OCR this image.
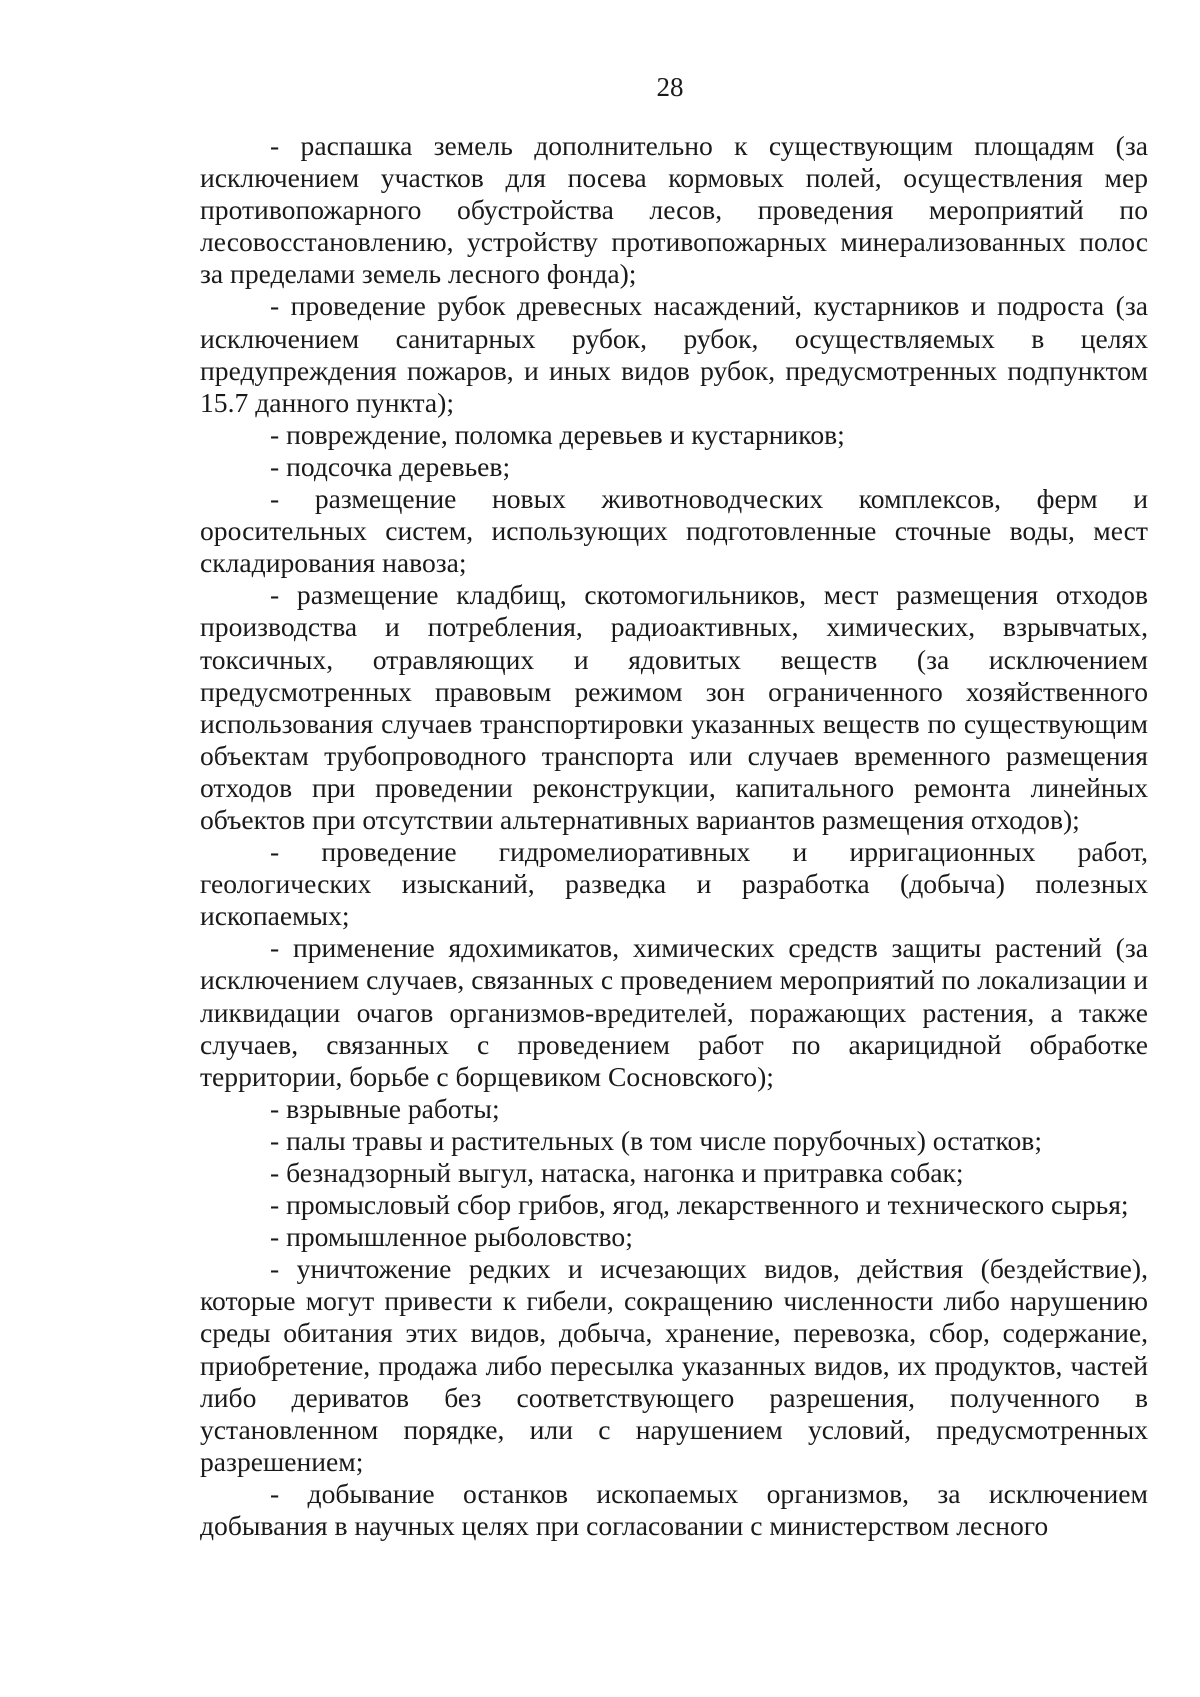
28

- распашка земель дополнительно к существующим площадям (за исключением участков для посева кормовых полей, осуществления мер противопожарного обустройства лесов, проведения мероприятий по лесовосстановлению, устройству противопожарных минерализованных полос за пределами земель лесного фонда);

- проведение рубок древесных насаждений, кустарников и подроста (за исключением санитарных рубок, рубок, осуществляемых в целях предупреждения пожаров, и иных видов рубок, предусмотренных подпунктом 15.7 данного пункта);

- повреждение, поломка деревьев и кустарников;

- подсочка деревьев;

- размещение новых животноводческих комплексов, ферм и оросительных систем, использующих подготовленные сточные воды, мест складирования навоза;

- размещение кладбищ, скотомогильников, мест размещения отходов производства и потребления, радиоактивных, химических, взрывчатых, токсичных, отравляющих и ядовитых веществ (за исключением предусмотренных правовым режимом зон ограниченного хозяйственного использования случаев транспортировки указанных веществ по существующим объектам трубопроводного транспорта или случаев временного размещения отходов при проведении реконструкции, капитального ремонта линейных объектов при отсутствии альтернативных вариантов размещения отходов);

- проведение гидромелиоративных и ирригационных работ, геологических изысканий, разведка и разработка (добыча) полезных ископаемых;

- применение ядохимикатов, химических средств защиты растений (за исключением случаев, связанных с проведением мероприятий по локализации и ликвидации очагов организмов-вредителей, поражающих растения, а также случаев, связанных с проведением работ по акарицидной обработке территории, борьбе с борщевиком Сосновского);

- взрывные работы;

- палы травы и растительных (в том числе порубочных) остатков;

- безнадзорный выгул, натаска, нагонка и притравка собак;

- промысловый сбор грибов, ягод, лекарственного и технического сырья;

- промышленное рыболовство;

- уничтожение редких и исчезающих видов, действия (бездействие), которые могут привести к гибели, сокращению численности либо нарушению среды обитания этих видов, добыча, хранение, перевозка, сбор, содержание, приобретение, продажа либо пересылка указанных видов, их продуктов, частей либо дериватов без соответствующего разрешения, полученного в установленном порядке, или с нарушением условий, предусмотренных разрешением;

- добывание останков ископаемых организмов, за исключением добывания в научных целях при согласовании с министерством лесного
